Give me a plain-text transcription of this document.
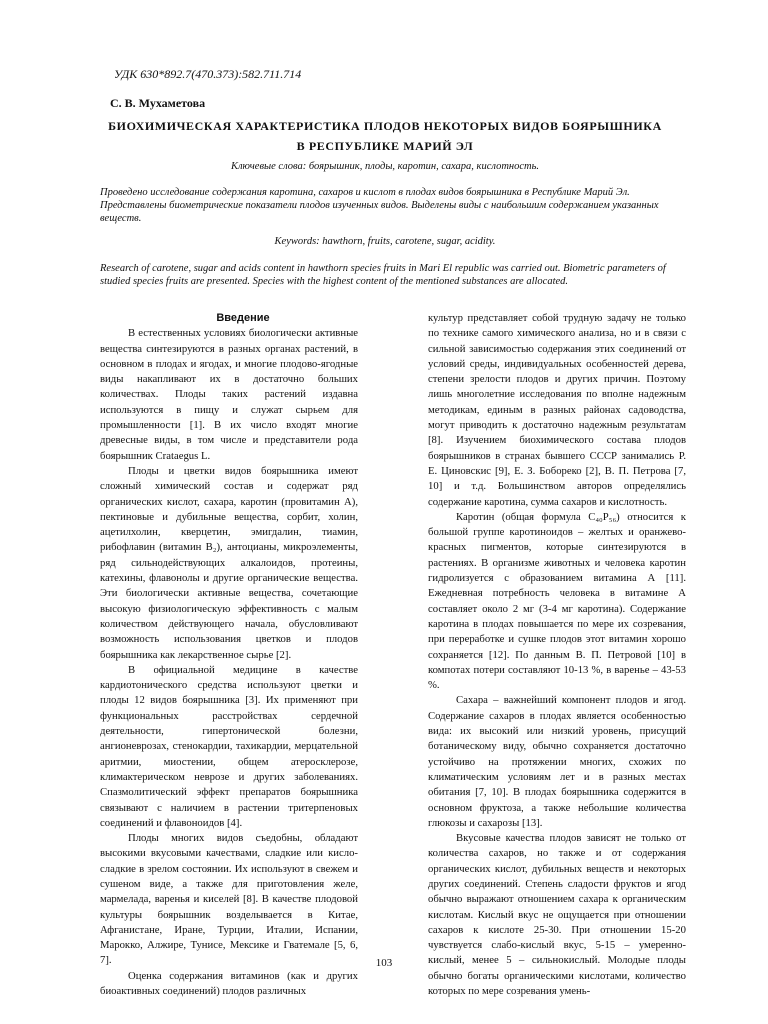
УДК 630*892.7(470.373):582.711.714
С. В. Мухаметова
БИОХИМИЧЕСКАЯ ХАРАКТЕРИСТИКА ПЛОДОВ НЕКОТОРЫХ ВИДОВ БОЯРЫШНИКА
В РЕСПУБЛИКЕ МАРИЙ ЭЛ
Ключевые слова: боярышник, плоды, каротин, сахара, кислотность.
Проведено исследование содержания каротина, сахаров и кислот в плодах видов боярышника в Республике Марий Эл. Представлены биометрические показатели плодов изученных видов. Выделены виды с наибольшим содержанием указанных веществ.
Keywords: hawthorn, fruits, carotene, sugar, acidity.
Research of carotene, sugar and acids content in hawthorn species fruits in Mari El republic was carried out. Biometric parameters of studied species fruits are presented. Species with the highest content of the mentioned substances are allocated.

Введение

В естественных условиях биологически активные вещества синтезируются в разных органах растений, в основном в плодах и ягодах, и многие плодово-ягодные виды накапливают их в достаточно больших количествах. Плоды таких растений издавна используются в пищу и служат сырьем для промышленности [1]. В их число входят многие древесные виды, в том числе и представители рода боярышник Crataegus L.

Плоды и цветки видов боярышника имеют сложный химический состав и содержат ряд органических кислот, сахара, каротин (провитамин А), пектиновые и дубильные вещества, сорбит, холин, ацетилхолин, кверцетин, эмигдалин, тиамин, рибофлавин (витамин B₂), антоцианы, микроэлементы, ряд сильнодействующих алкалоидов, протеины, катехины, флавонолы и другие органические вещества. Эти биологически активные вещества, сочетающие высокую физиологическую эффективность с малым количеством действующего начала, обусловливают возможность использования цветков и плодов боярышника как лекарственное сырье [2].

В официальной медицине в качестве кардиотонического средства используют цветки и плоды 12 видов боярышника [3]. Их применяют при функциональных расстройствах сердечной деятельности, гипертонической болезни, ангионеврозах, стенокардии, тахикардии, мерцательной аритмии, миостении, общем атеросклерозе, климактерическом неврозе и других заболеваниях. Спазмолитический эффект препаратов боярышника связывают с наличием в растении тритерпеновых соединений и флавоноидов [4].

Плоды многих видов съедобны, обладают высокими вкусовыми качествами, сладкие или кисло-сладкие в зрелом состоянии. Их используют в свежем и сушеном виде, а также для приготовления желе, мармелада, варенья и киселей [8]. В качестве плодовой культуры боярышник возделывается в Китае, Афганистане, Иране, Турции, Италии, Испании, Марокко, Алжире, Тунисе, Мексике и Гватемале [5, 6, 7].

Оценка содержания витаминов (как и других биоактивных соединений) плодов различных

культур представляет собой трудную задачу не только по технике самого химического анализа, но и в связи с сильной зависимостью содержания этих соединений от условий среды, индивидуальных особенностей дерева, степени зрелости плодов и других причин. Поэтому лишь многолетние исследования по вполне надежным методикам, единым в разных районах садоводства, могут приводить к достаточно надежным результатам [8]. Изучением биохимического состава плодов боярышников в странах бывшего СССР занимались Р. Е. Циновскис [9], Е. З. Бобореко [2], В. П. Петрова [7, 10] и т.д. Большинством авторов определялись содержание каротина, сумма сахаров и кислотность.

Каротин (общая формула C₄₀P₅₆) относится к большой группе каротиноидов – желтых и оранжево-красных пигментов, которые синтезируются в растениях. В организме животных и человека каротин гидролизуется с образованием витамина А [11]. Ежедневная потребность человека в витамине А составляет около 2 мг (3-4 мг каротина). Содержание каротина в плодах повышается по мере их созревания, при переработке и сушке плодов этот витамин хорошо сохраняется [12]. По данным В. П. Петровой [10] в компотах потери составляют 10-13 %, в варенье – 43-53 %.

Сахара – важнейший компонент плодов и ягод. Содержание сахаров в плодах является особенностью вида: их высокий или низкий уровень, присущий ботаническому виду, обычно сохраняется достаточно устойчиво на протяжении многих, схожих по климатическим условиям лет и в разных местах обитания [7, 10]. В плодах боярышника содержится в основном фруктоза, а также небольшие количества глюкозы и сахарозы [13].

Вкусовые качества плодов зависят не только от количества сахаров, но также и от содержания органических кислот, дубильных веществ и некоторых других соединений. Степень сладости фруктов и ягод обычно выражают отношением сахара к органическим кислотам. Кислый вкус не ощущается при отношении сахаров к кислоте 25-30. При отношении 15-20 чувствуется слабо-кислый вкус, 5-15 – умеренно-кислый, менее 5 – сильнокислый. Молодые плоды обычно богаты органическими кислотами, количество которых по мере созревания умень-

103
